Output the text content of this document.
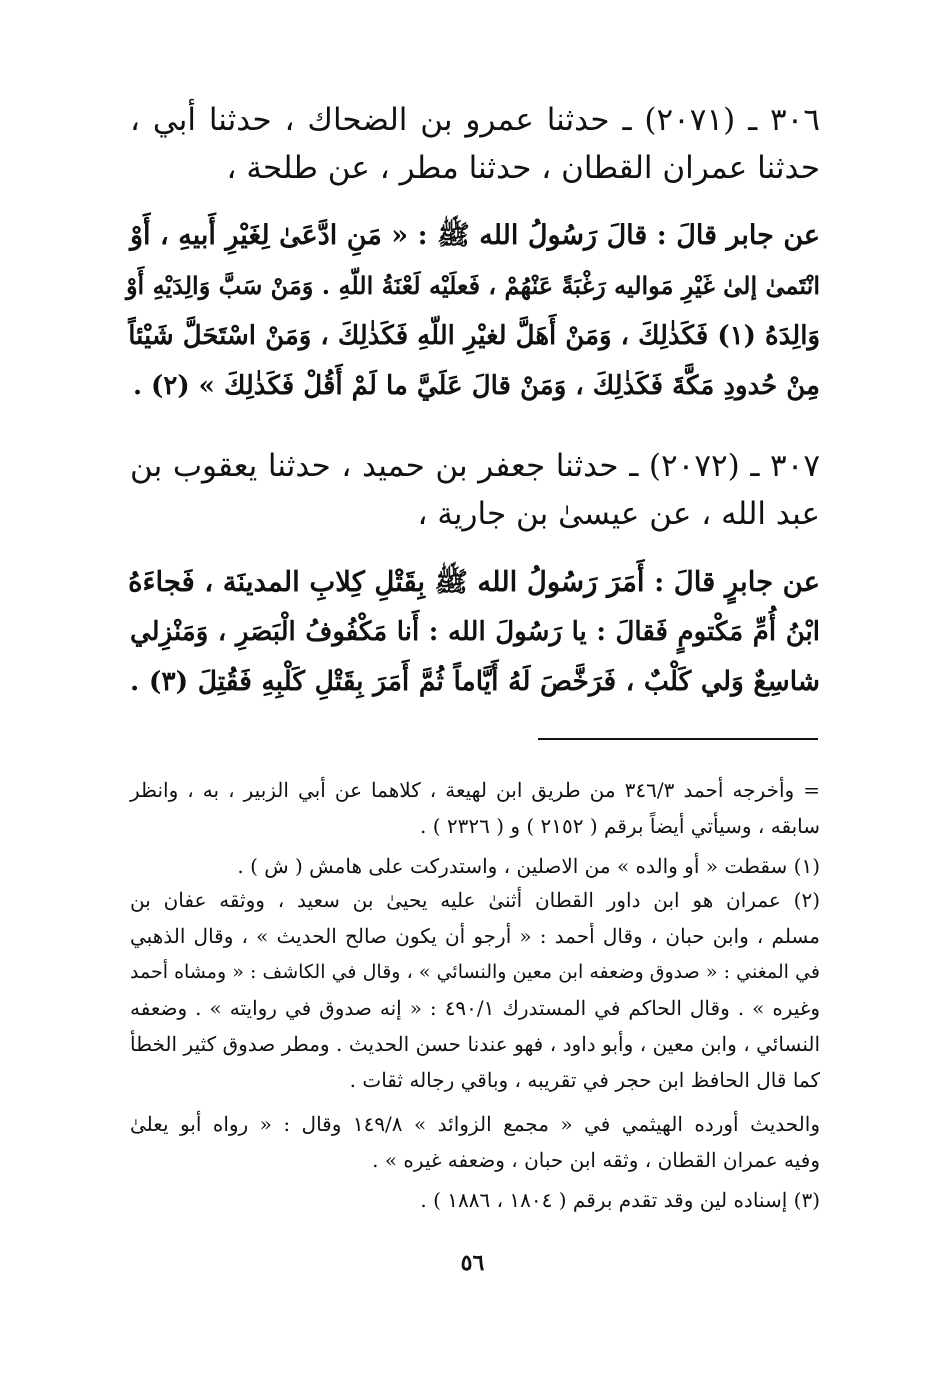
٣٠٦ ـ (٢٠٧١) ـ حدثنا عمرو بن الضحاك ، حدثنا أبي ،
حدثنا عمران القطان ، حدثنا مطر ، عن طلحة ،
عن جابر قالَ : قالَ رَسُولُ الله ﷺ : « مَنِ ادَّعَىٰ لِغَيْرِ أَبيهِ ، أَوْ
انْتَمىٰ إلىٰ غَيْرِ مَواليه رَغْبَةً عَنْهُمْ ، فَعلَيْه لَعْنَةُ اللّهِ . وَمَنْ سَبَّ وَالِدَيْهِ أَوْ
وَالِدَهُ (١) فَكَذٰلِكَ ، وَمَنْ أَهَلَّ لغيْرِ اللّهِ فَكَذٰلِكَ ، وَمَنْ اسْتَحَلَّ شَيْئاً
مِنْ حُدودِ مَكَّةَ فَكَذٰلِكَ ، وَمَنْ قالَ عَلَيَّ ما لَمْ أَقُلْ فَكَذٰلِكَ » (٢) .
٣٠٧ ـ (٢٠٧٢) ـ حدثنا جعفر بن حميد ، حدثنا يعقوب بن
عبد الله ، عن عيسىٰ بن جارية ،
عن جابرٍ قالَ : أَمَرَ رَسُولُ الله ﷺ بِقَتْلِ كِلابِ المدينَة ، فَجاءَهُ
ابْنُ أُمِّ مَكْتومٍ فَقالَ : يا رَسُولَ الله : أَنا مَكْفُوفُ الْبَصَرِ ، وَمَنْزِلي
شاسِعٌ وَلي كَلْبٌ ، فَرَخَّصَ لَهُ أَيَّاماً ثُمَّ أَمَرَ بِقَتْلِ كَلْبِهِ فَقُتِلَ (٣) .
= وأخرجه أحمد ٣٤٦/٣ من طريق ابن لهيعة ، كلاهما عن أبي الزبير ، به ، وانظر
سابقه ، وسيأتي أيضاً برقم ( ٢١٥٢ ) و ( ٢٣٢٦ ) .
(١) سقطت « أو والده » من الاصلين ، واستدركت على هامش ( ش ) .
(٢) عمران هو ابن داور القطان أثنىٰ عليه يحيىٰ بن سعيد ، ووثقه عفان بن
مسلم ، وابن حبان ، وقال أحمد : « أرجو أن يكون صالح الحديث » ، وقال الذهبي
في المغني : « صدوق وضعفه ابن معين والنسائي » ، وقال في الكاشف : « ومشاه أحمد
وغيره » . وقال الحاكم في المستدرك ٤٩٠/١ : « إنه صدوق في روايته » . وضعفه
النسائي ، وابن معين ، وأبو داود ، فهو عندنا حسن الحديث . ومطر صدوق كثير الخطأ
كما قال الحافظ ابن حجر في تقريبه ، وباقي رجاله ثقات .
والحديث أورده الهيثمي في « مجمع الزوائد » ١٤٩/٨ وقال : « رواه أبو يعلىٰ
وفيه عمران القطان ، وثقه ابن حبان ، وضعفه غيره » .
(٣) إسناده لين وقد تقدم برقم ( ١٨٠٤ ، ١٨٨٦ ) .
٥٦
